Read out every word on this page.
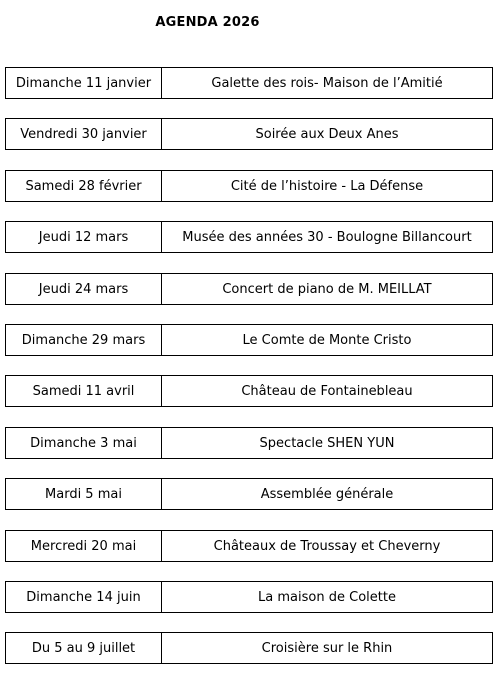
AGENDA 2026
Dimanche 11 janvier	Galette des rois- Maison de l’Amitié
Vendredi 30 janvier	Soirée aux Deux Anes
Samedi 28 février	Cité de l’histoire - La Défense
Jeudi 12 mars	Musée des années 30 - Boulogne Billancourt
Jeudi 24 mars	Concert de piano de M. MEILLAT
Dimanche 29 mars	Le Comte de Monte Cristo
Samedi 11 avril	Château de Fontainebleau
Dimanche 3 mai	Spectacle SHEN YUN
Mardi 5 mai	Assemblée générale
Mercredi 20 mai	Châteaux de Troussay et Cheverny
Dimanche 14 juin	La maison de Colette
Du 5 au 9 juillet	Croisière sur le Rhin
